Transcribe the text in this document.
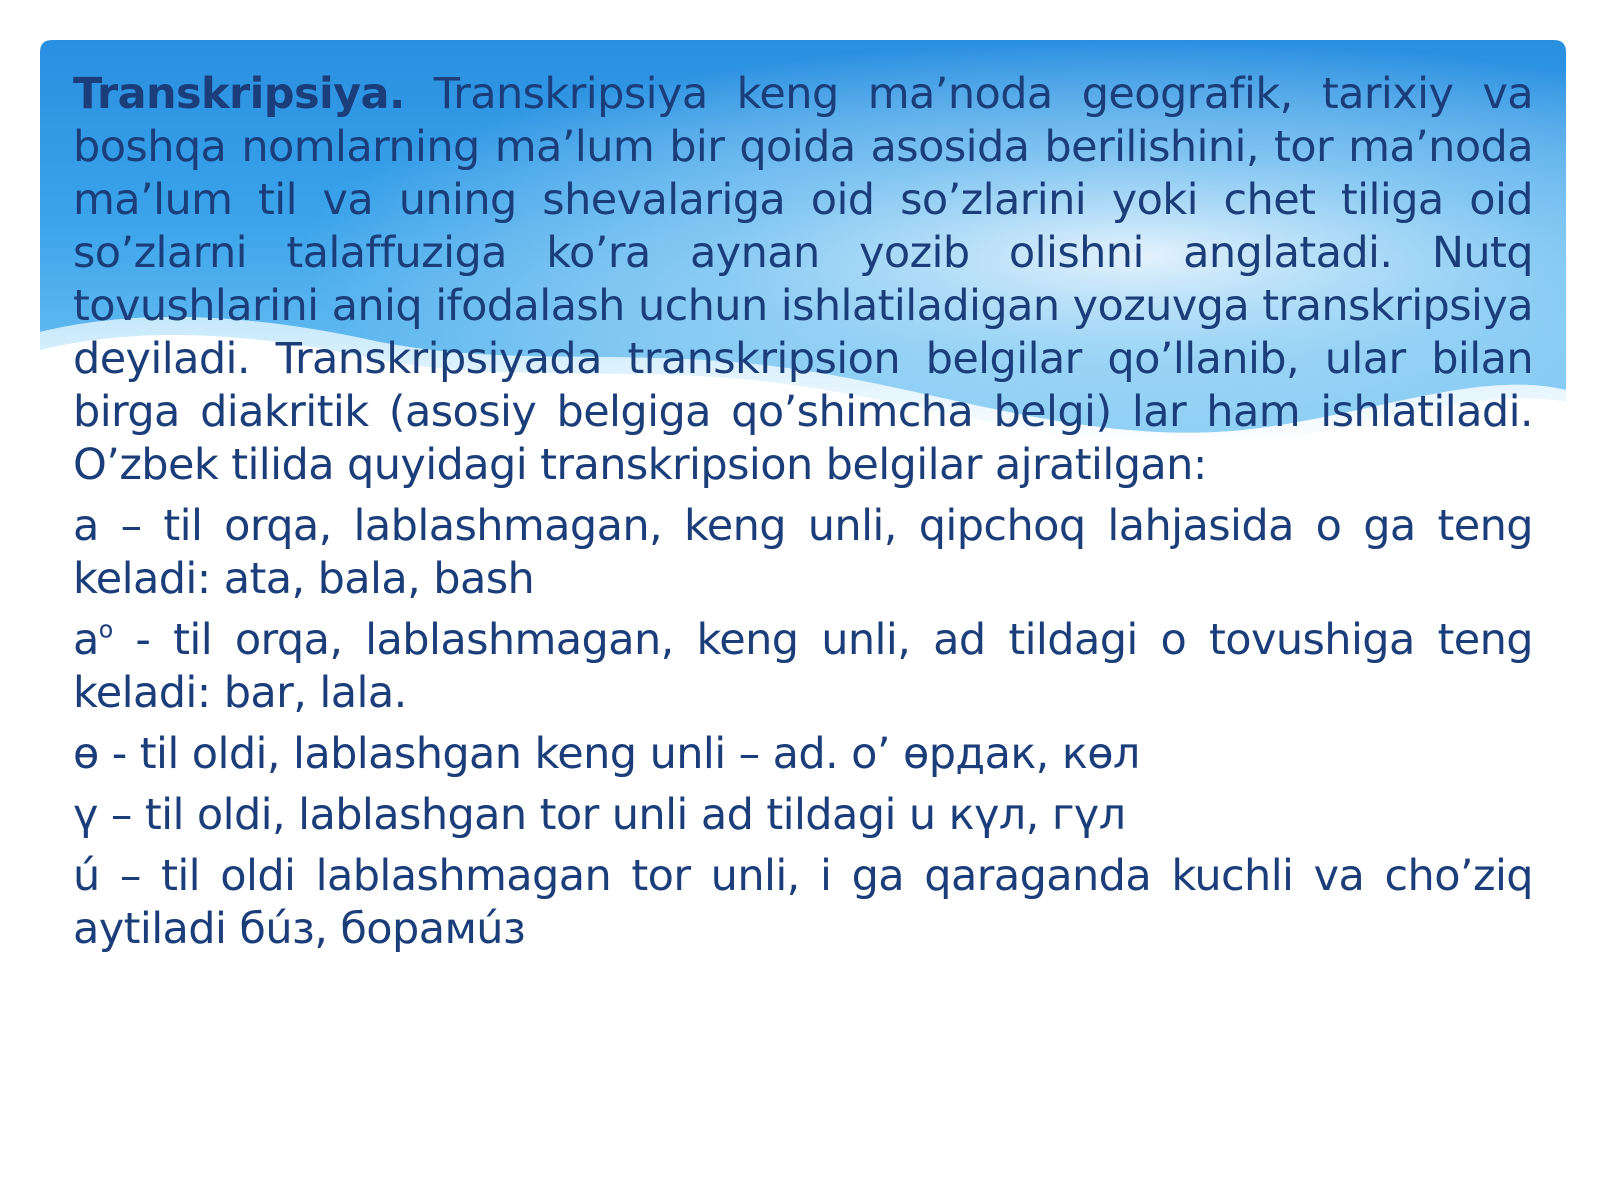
Transkripsiya. Transkripsiya keng ma’noda geografik, tarixiy va boshqa nomlarning ma’lum bir qoida asosida berilishini, tor ma’noda ma’lum til va uning shevalariga oid so’zlarini yoki chet tiliga oid so’zlarni talaffuziga ko’ra aynan yozib olishni anglatadi. Nutq tovushlarini aniq ifodalash uchun ishlatiladigan yozuvga transkripsiya deyiladi. Transkripsiyada transkripsion belgilar qo’llanib, ular bilan birga diakritik (asosiy belgiga qo’shimcha belgi) lar ham ishlatiladi. O’zbek tilida quyidagi transkripsion belgilar ajratilgan:

a – til orqa, lablashmagan, keng unli, qipchoq lahjasida o ga teng keladi: ata, bala, bash

$a^o$ - til orqa, lablashmagan, keng unli, ad tildagi o tovushiga teng keladi: bar, lala.

ө - til oldi, lablashgan keng unli – ad. o’ өрдак, көл

ү – til oldi, lablashgan tor unli ad tildagi u күл, гүл

ú – til oldi lablashmagan tor unli, i ga qaraganda kuchli va cho’ziq aytiladi бúз, борамúз
